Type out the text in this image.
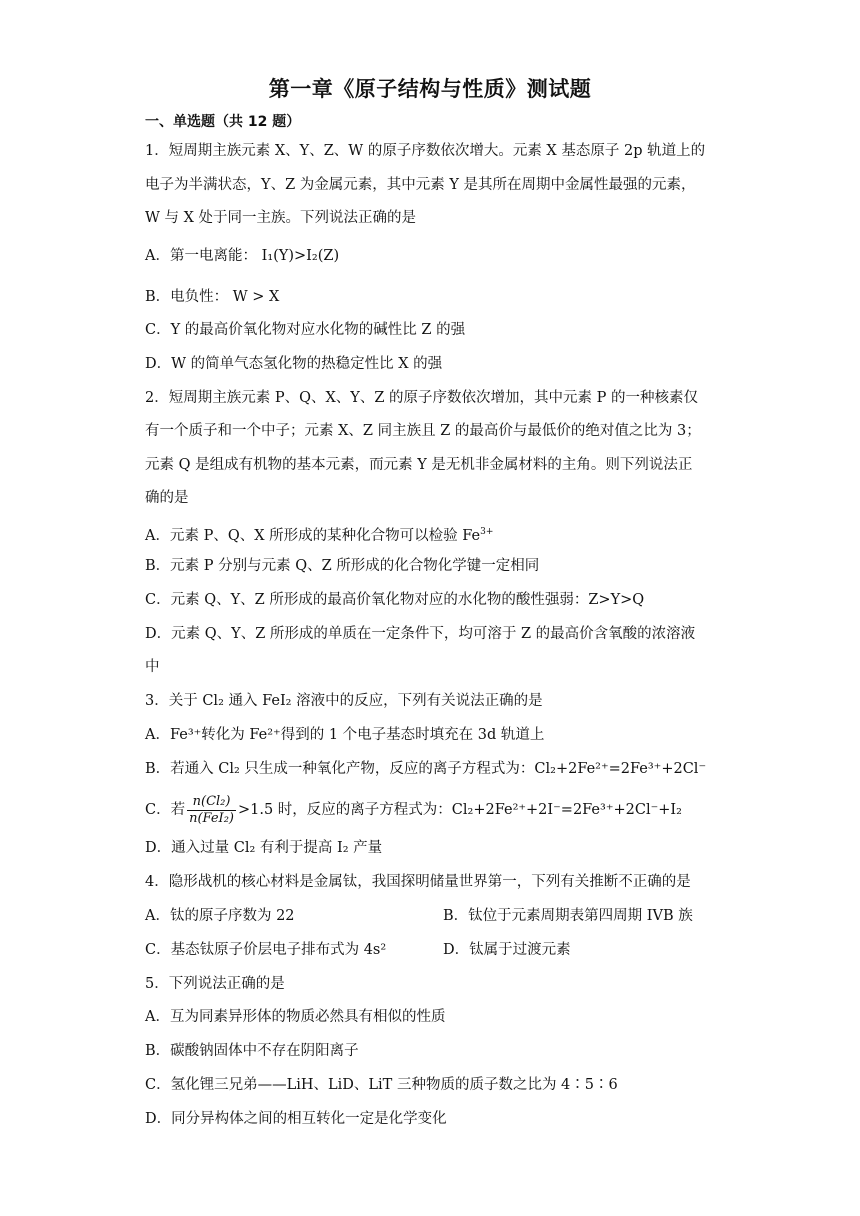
第一章《原子结构与性质》测试题
一、单选题（共 12 题）
1．短周期主族元素 X、Y、Z、W 的原子序数依次增大。元素 X 基态原子 2p 轨道上的
电子为半满状态，Y、Z 为金属元素，其中元素 Y 是其所在周期中金属性最强的元素，
W 与 X 处于同一主族。下列说法正确的是
A．第一电离能： I₁(Y)>I₂(Z)
B．电负性： W > X
C．Y 的最高价氧化物对应水化物的碱性比 Z 的强
D．W 的简单气态氢化物的热稳定性比 X 的强
2．短周期主族元素 P、Q、X、Y、Z 的原子序数依次增加，其中元素 P 的一种核素仅
有一个质子和一个中子；元素 X、Z 同主族且 Z 的最高价与最低价的绝对值之比为 3；
元素 Q 是组成有机物的基本元素，而元素 Y 是无机非金属材料的主角。则下列说法正
确的是
A．元素 P、Q、X 所形成的某种化合物可以检验 $Fe^{3+}$
B．元素 P 分别与元素 Q、Z 所形成的化合物化学键一定相同
C．元素 Q、Y、Z 所形成的最高价氧化物对应的水化物的酸性强弱：Z>Y>Q
D．元素 Q、Y、Z 所形成的单质在一定条件下，均可溶于 Z 的最高价含氧酸的浓溶液
中
3．关于 Cl₂ 通入 FeI₂ 溶液中的反应，下列有关说法正确的是
A．Fe³⁺转化为 Fe²⁺得到的 1 个电子基态时填充在 3d 轨道上
B．若通入 Cl₂ 只生成一种氧化产物，反应的离子方程式为：Cl₂+2Fe²⁺=2Fe³⁺+2Cl⁻
C．若 $\frac{\text{n(Cl₂)}}{\text{n(FeI₂)}} >1.5$ 时，反应的离子方程式为：Cl₂+2Fe²⁺+2I⁻=2Fe³⁺+2Cl⁻+I₂
D．通入过量 Cl₂ 有利于提高 I₂ 产量
4．隐形战机的核心材料是金属钛，我国探明储量世界第一，下列有关推断不正确的是
A．钛的原子序数为 22	B．钛位于元素周期表第四周期 IVB 族
C．基态钛原子价层电子排布式为 4s²	D．钛属于过渡元素
5．下列说法正确的是
A．互为同素异形体的物质必然具有相似的性质
B．碳酸钠固体中不存在阴阳离子
C．氢化锂三兄弟——LiH、LiD、LiT 三种物质的质子数之比为 4∶5∶6
D．同分异构体之间的相互转化一定是化学变化
